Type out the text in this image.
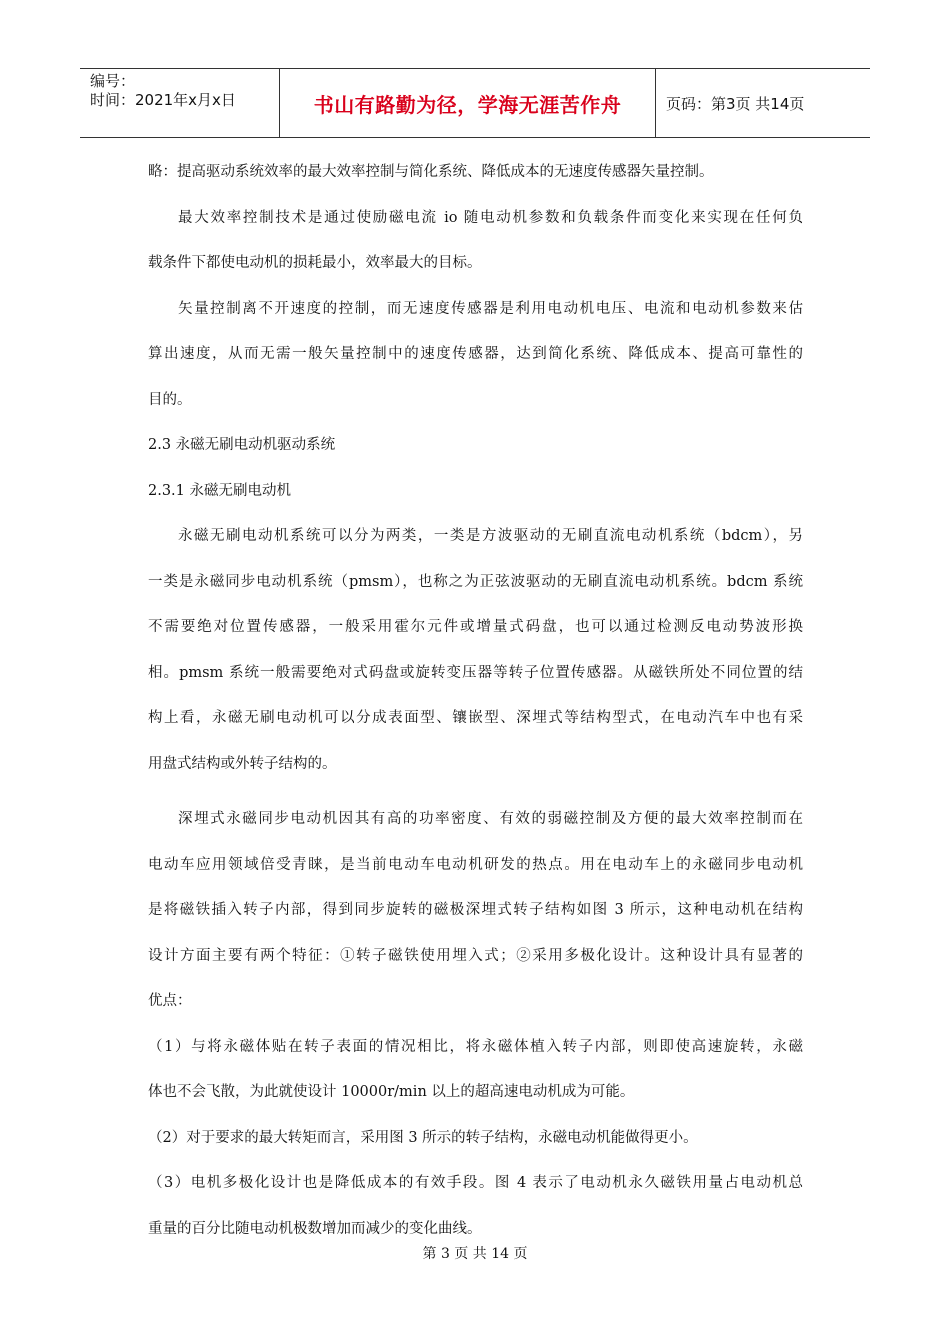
编号：
时间：2021年x月x日	书山有路勤为径，学海无涯苦作舟	页码：第3页 共14页
略：提高驱动系统效率的最大效率控制与简化系统、降低成本的无速度传感器矢量控制。
最大效率控制技术是通过使励磁电流 io 随电动机参数和负载条件而变化来实现在任何负
载条件下都使电动机的损耗最小，效率最大的目标。
矢量控制离不开速度的控制，而无速度传感器是利用电动机电压、电流和电动机参数来估
算出速度，从而无需一般矢量控制中的速度传感器，达到简化系统、降低成本、提高可靠性的
目的。
2.3 永磁无刷电动机驱动系统
2.3.1 永磁无刷电动机
永磁无刷电动机系统可以分为两类，一类是方波驱动的无刷直流电动机系统（bdcm），另
一类是永磁同步电动机系统（pmsm），也称之为正弦波驱动的无刷直流电动机系统。bdcm 系统
不需要绝对位置传感器，一般采用霍尔元件或增量式码盘，也可以通过检测反电动势波形换
相。pmsm 系统一般需要绝对式码盘或旋转变压器等转子位置传感器。从磁铁所处不同位置的结
构上看，永磁无刷电动机可以分成表面型、镶嵌型、深埋式等结构型式，在电动汽车中也有采
用盘式结构或外转子结构的。
深埋式永磁同步电动机因其有高的功率密度、有效的弱磁控制及方便的最大效率控制而在
电动车应用领域倍受青睐，是当前电动车电动机研发的热点。用在电动车上的永磁同步电动机
是将磁铁插入转子内部，得到同步旋转的磁极深埋式转子结构如图 3 所示，这种电动机在结构
设计方面主要有两个特征：①转子磁铁使用埋入式；②采用多极化设计。这种设计具有显著的
优点：
（1）与将永磁体贴在转子表面的情况相比，将永磁体植入转子内部，则即使高速旋转，永磁
体也不会飞散，为此就使设计 10000r/min 以上的超高速电动机成为可能。
（2）对于要求的最大转矩而言，采用图 3 所示的转子结构，永磁电动机能做得更小。
（3）电机多极化设计也是降低成本的有效手段。图 4 表示了电动机永久磁铁用量占电动机总
重量的百分比随电动机极数增加而减少的变化曲线。
第 3 页 共 14 页
